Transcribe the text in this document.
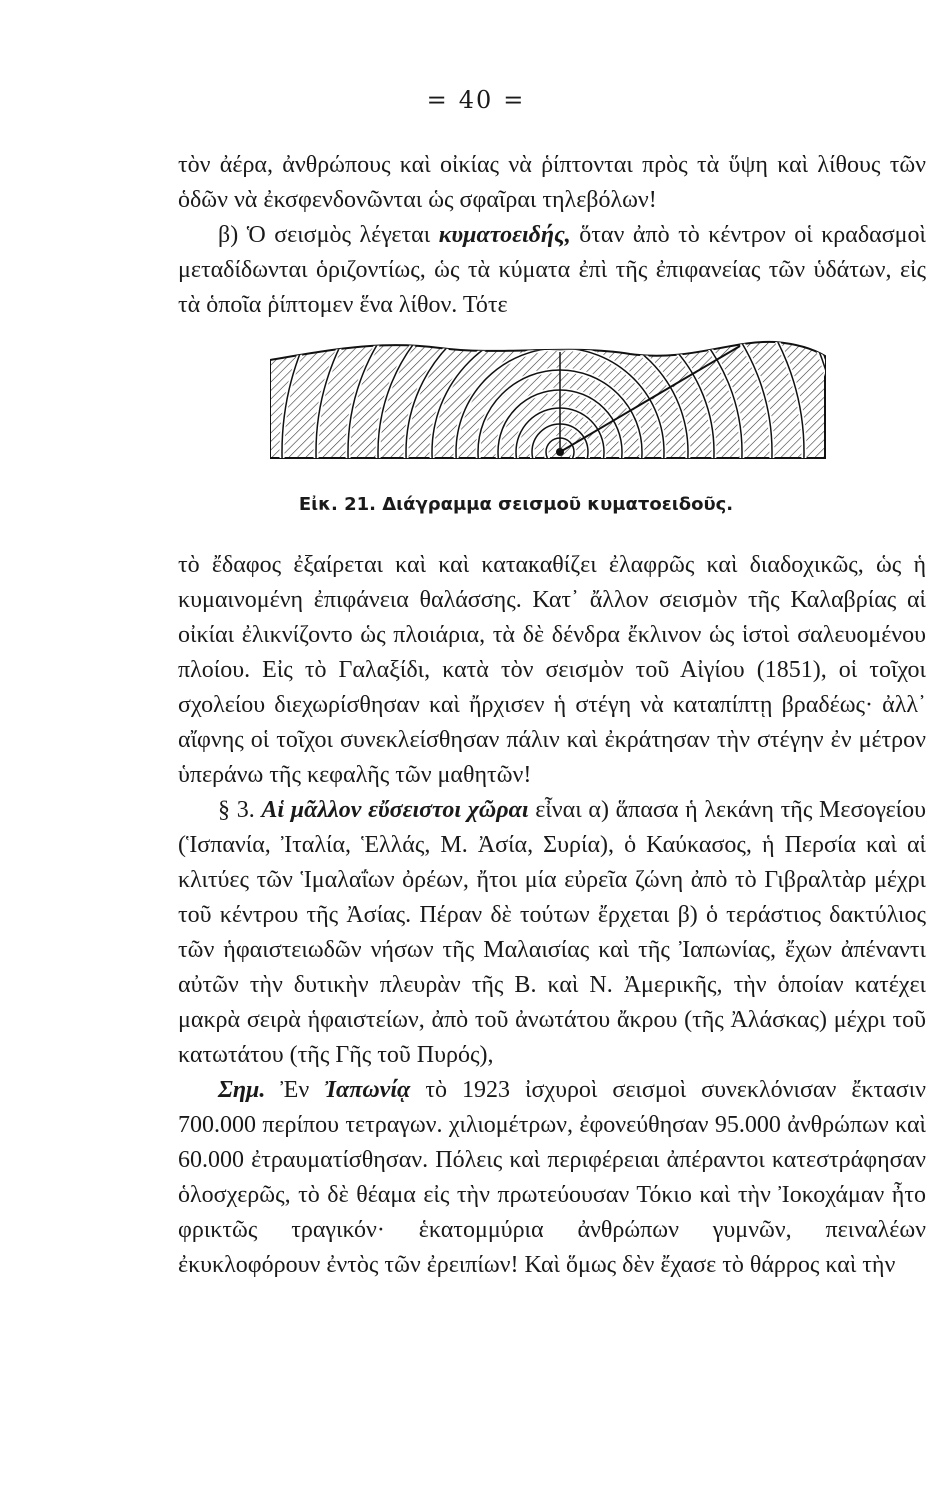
= 40 =

τὸν ἀέρα, ἀνθρώπους καὶ οἰκίας νὰ ῥίπτονται πρὸς τὰ ὕψη καὶ λίθους τῶν ὁδῶν νὰ ἐκσφενδονῶνται ὡς σφαῖραι τηλεβόλων!

β) Ὁ σεισμὸς λέγεται κυματοειδής, ὅταν ἀπὸ τὸ κέντρον οἱ κραδασμοὶ μεταδίδωνται ὁριζοντίως, ὡς τὰ κύματα ἐπὶ τῆς ἐπιφανείας τῶν ὑδάτων, εἰς τὰ ὁποῖα ῥίπτομεν ἕνα λίθον. Τότε

Εἰκ. 21. Διάγραμμα σεισμοῦ κυματοειδοῦς.

τὸ ἔδαφος ἐξαίρεται καὶ καὶ καταкαθίζει ἐλαφρῶς καὶ διαδοχικῶς, ὡς ἡ κυμαινομένη ἐπιφάνεια θαλάσσης. Κατ᾽ ἄλλον σεισμὸν τῆς Καλαβρίας αἱ οἰκίαι ἐλικνίζοντο ὡς πλοιάρια, τὰ δὲ δένδρα ἔκλινον ὡς ἱστοὶ σαλευομένου πλοίου. Εἰς τὸ Γαλαξίδι, κατὰ τὸν σεισμὸν τοῦ Αἰγίου (1851), οἱ τοῖχοι σχολείου διεχωρίσθησαν καὶ ἤρχισεν ἡ στέγη νὰ καταπίπτῃ βραδέως· ἀλλ᾽ αἴφνης οἱ τοῖχοι συνεκλείσθησαν πάλιν καὶ ἐκράτησαν τὴν στέγην ἐν μέτρον ὑπεράνω τῆς κεφαλῆς τῶν μαθητῶν!

§ 3. Αἱ μᾶλλον εὔσειστοι χῶραι εἶναι α) ἅπασα ἡ λεκάνη τῆς Μεσογείου (Ἱσπανία, Ἰταλία, Ἑλλάς, Μ. Ἀσία, Συρία), ὁ Καύκασος, ἡ Περσία καὶ αἱ κλιτύες τῶν Ἱμαλαΐων ὀρέων, ἤτοι μία εὐρεῖα ζώνη ἀπὸ τὸ Γιβραλτὰρ μέχρι τοῦ κέντρου τῆς Ἀσίας. Πέραν δὲ τούτων ἔρχεται β) ὁ τεράστιος δακτύλιος τῶν ἡφαιστειωδῶν νήσων τῆς Μαλαισίας καὶ τῆς Ἰαπωνίας, ἔχων ἀπέναντι αὐτῶν τὴν δυτικὴν πλευρὰν τῆς Β. καὶ Ν. Ἀμερικῆς, τὴν ὁποίαν κατέχει μακρὰ σειρὰ ἡφαιστείων, ἀπὸ τοῦ ἀνωτάτου ἄκρου (τῆς Ἀλάσκας) μέχρι τοῦ κατωτάτου (τῆς Γῆς τοῦ Πυρός),

Σημ. Ἐν Ἰαπωνίᾳ τὸ 1923 ἰσχυροὶ σεισμοὶ συνεκλόνισαν ἔκτασιν 700.000 περίπου τετραγων. χιλιομέτρων, ἐφονεύθησαν 95.000 ἀνθρώπων καὶ 60.000 ἐτραυματίσθησαν. Πόλεις καὶ περιφέρειαι ἀπέραντοι κατεστράφησαν ὁλοσχερῶς, τὸ δὲ θέαμα εἰς τὴν πρωτεύουσαν Τόκιο καὶ τὴν Ἰοκοχάμαν ἦτο φρικτῶς τραγικόν· ἑκατομμύρια ἀνθρώπων γυμνῶν, πειναλέων ἐκυκλοφόρουν ἐντὸς τῶν ἐρειπίων! Καὶ ὅμως δὲν ἔχασε τὸ θάρρος καὶ τὴν
